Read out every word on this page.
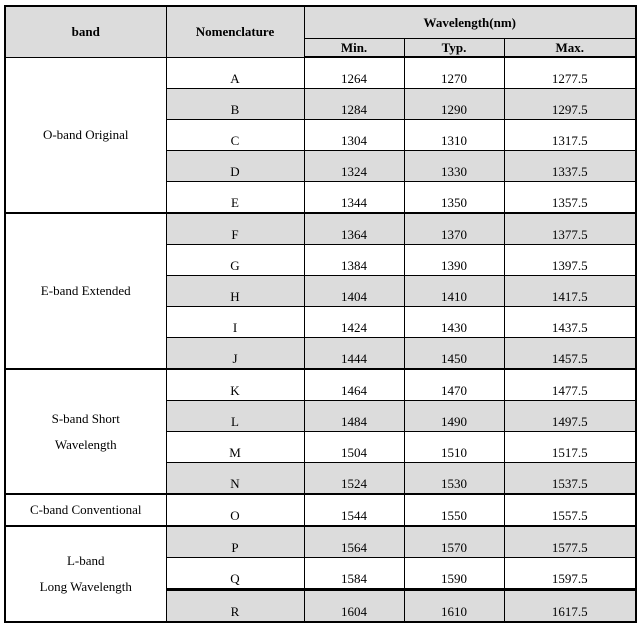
band	Nomenclature	Wavelength(nm)		
		Min.	Typ.	Max.

O-band Original	A	1264	1270	1277.5
	B	1284	1290	1297.5
	C	1304	1310	1317.5
	D	1324	1330	1337.5
	E	1344	1350	1357.5

E-band Extended	F	1364	1370	1377.5
	G	1384	1390	1397.5
	H	1404	1410	1417.5
	I	1424	1430	1437.5
	J	1444	1450	1457.5

S-band Short
Wavelength	K	1464	1470	1477.5
	L	1484	1490	1497.5
	M	1504	1510	1517.5
	N	1524	1530	1537.5

C-band Conventional	O	1544	1550	1557.5

L-band
Long Wavelength	P	1564	1570	1577.5
	Q	1584	1590	1597.5
	R	1604	1610	1617.5
